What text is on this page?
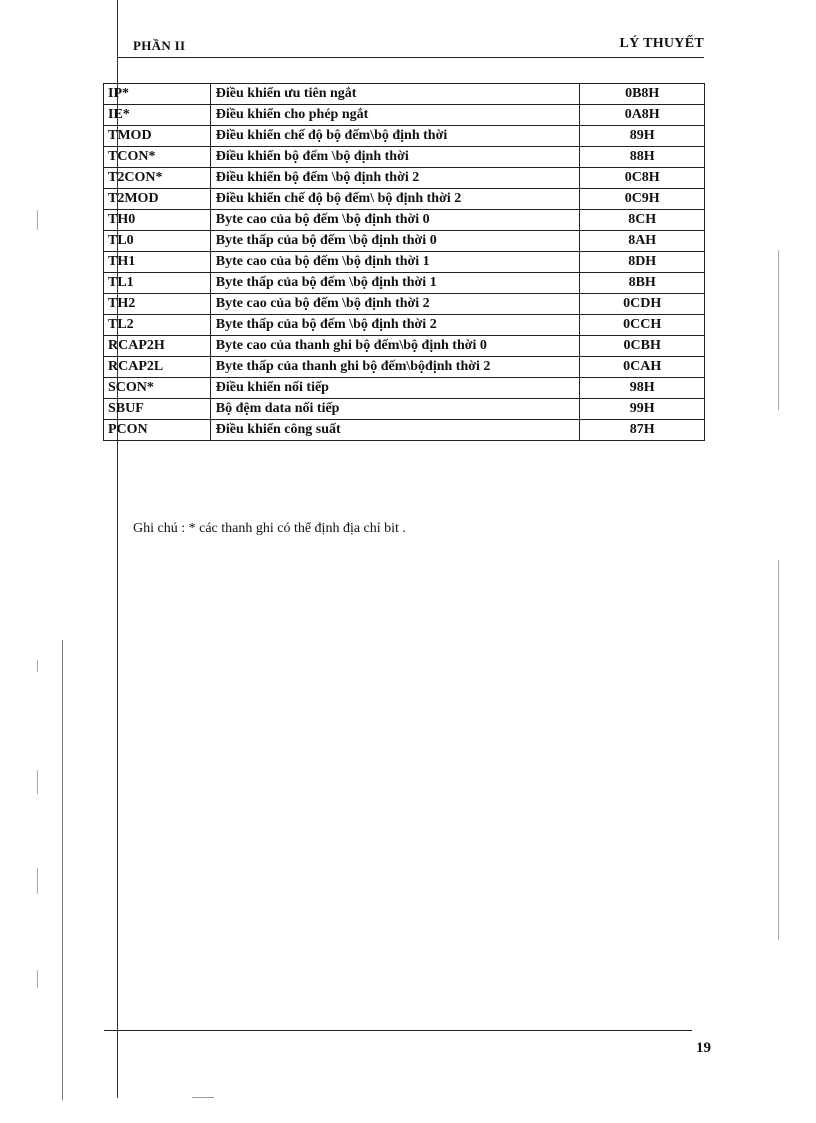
PHẦN II	LÝ THUYẾT
IP*	Điều khiển ưu tiên ngắt	0B8H
IE*	Điều khiển cho phép ngắt	0A8H
TMOD	Điều khiển chế độ bộ đếm\bộ định thời	89H
TCON*	Điều khiển bộ đếm \bộ định thời	88H
T2CON*	Điều khiển bộ đếm \bộ định thời 2	0C8H
T2MOD	Điều khiển chế độ bộ đếm\ bộ định thời 2	0C9H
TH0	Byte cao của bộ đếm \bộ định thời 0	8CH
TL0	Byte thấp của bộ đếm \bộ định thời 0	8AH
TH1	Byte cao của bộ đếm \bộ định thời 1	8DH
TL1	Byte thấp của bộ đếm \bộ định thời 1	8BH
TH2	Byte cao của bộ đếm \bộ định thời 2	0CDH
TL2	Byte thấp của bộ đếm \bộ định thời 2	0CCH
RCAP2H	Byte cao của thanh ghi bộ đếm\bộ định thời 0	0CBH
RCAP2L	Byte thấp của thanh ghi bộ đếm\bộđịnh thời 2	0CAH
SCON*	Điều khiển nối tiếp	98H
SBUF	Bộ đệm data nối tiếp	99H
PCON	Điều khiển công suất	87H
Ghi chú : * các thanh ghi có thể định địa chỉ bit .
19
